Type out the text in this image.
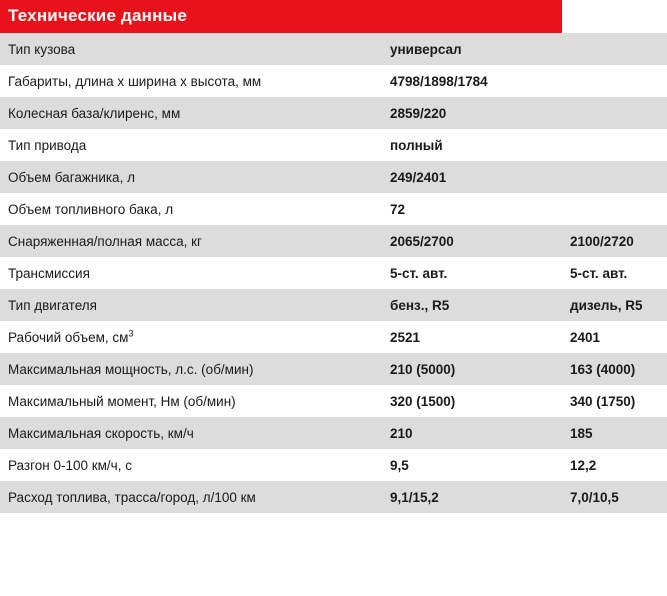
Технические данные		
Тип кузова	универсал	
Габариты, длина x ширина x высота, мм	4798/1898/1784	
Колесная база/клиренс, мм	2859/220	
Тип привода	полный	
Объем багажника, л	249/2401	
Объем топливного бака, л	72	
Снаряженная/полная масса, кг	2065/2700	2100/2720
Трансмиссия	5-ст. авт.	5-ст. авт.
Тип двигателя	бенз., R5	дизель, R5
Рабочий объем, $см^3$	2521	2401
Максимальная мощность, л.с. (об/мин)	210 (5000)	163 (4000)
Максимальный момент, Нм (об/мин)	320 (1500)	340 (1750)
Максимальная скорость, км/ч	210	185
Разгон 0-100 км/ч, с	9,5	12,2
Расход топлива, трасса/город, л/100 км	9,1/15,2	7,0/10,5
